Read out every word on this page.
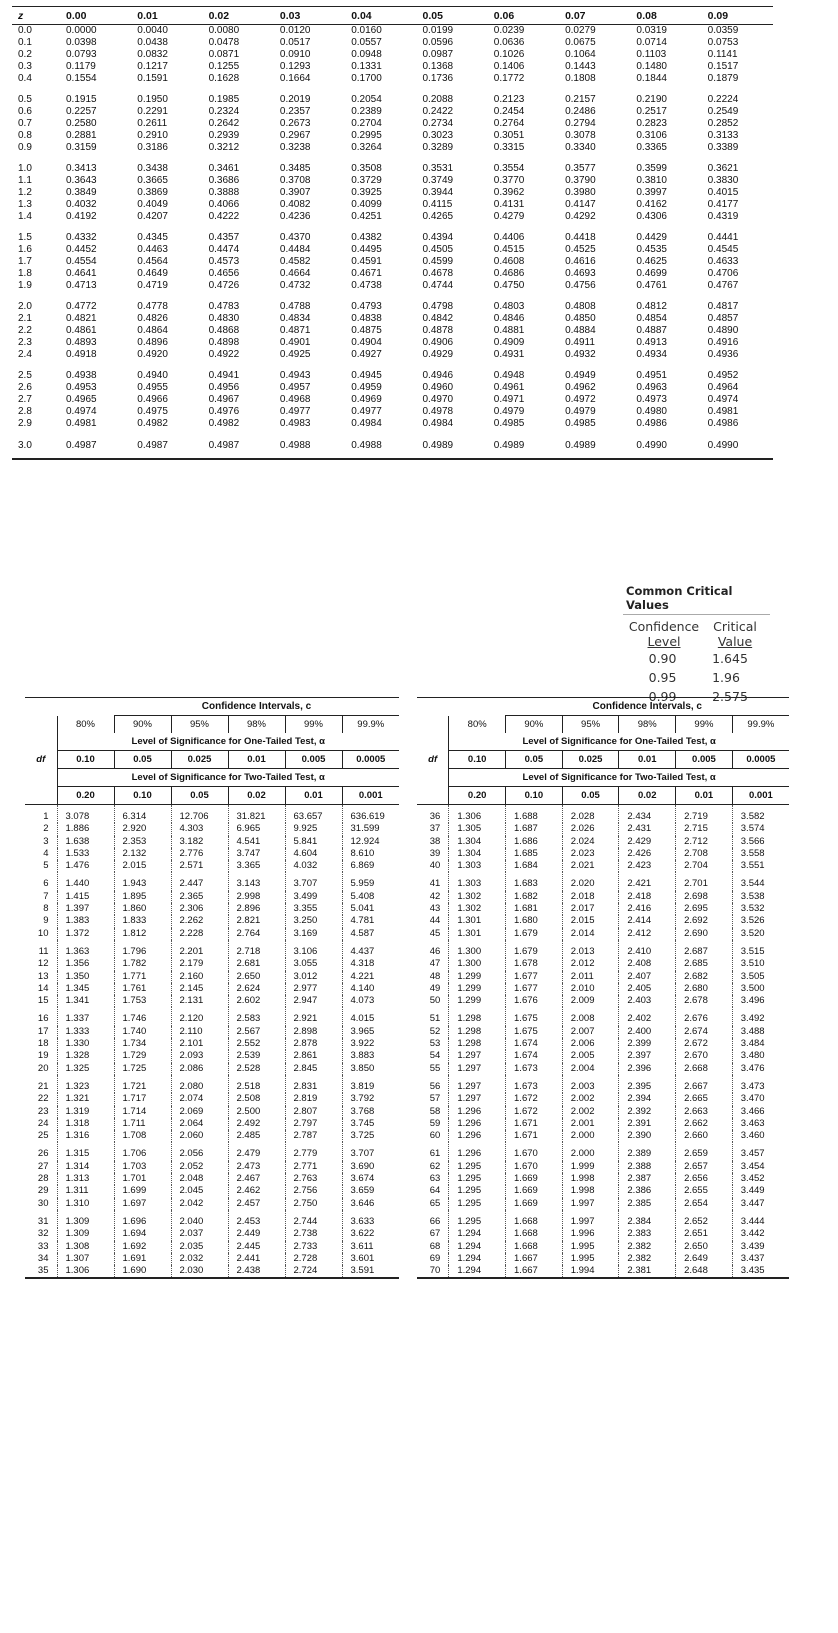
z	0.00	0.01	0.02	0.03	0.04	0.05	0.06	0.07	0.08	0.09
0.0	0.0000	0.0040	0.0080	0.0120	0.0160	0.0199	0.0239	0.0279	0.0319	0.0359
0.1	0.0398	0.0438	0.0478	0.0517	0.0557	0.0596	0.0636	0.0675	0.0714	0.0753
0.2	0.0793	0.0832	0.0871	0.0910	0.0948	0.0987	0.1026	0.1064	0.1103	0.1141
0.3	0.1179	0.1217	0.1255	0.1293	0.1331	0.1368	0.1406	0.1443	0.1480	0.1517
0.4	0.1554	0.1591	0.1628	0.1664	0.1700	0.1736	0.1772	0.1808	0.1844	0.1879
0.5	0.1915	0.1950	0.1985	0.2019	0.2054	0.2088	0.2123	0.2157	0.2190	0.2224
0.6	0.2257	0.2291	0.2324	0.2357	0.2389	0.2422	0.2454	0.2486	0.2517	0.2549
0.7	0.2580	0.2611	0.2642	0.2673	0.2704	0.2734	0.2764	0.2794	0.2823	0.2852
0.8	0.2881	0.2910	0.2939	0.2967	0.2995	0.3023	0.3051	0.3078	0.3106	0.3133
0.9	0.3159	0.3186	0.3212	0.3238	0.3264	0.3289	0.3315	0.3340	0.3365	0.3389
1.0	0.3413	0.3438	0.3461	0.3485	0.3508	0.3531	0.3554	0.3577	0.3599	0.3621
1.1	0.3643	0.3665	0.3686	0.3708	0.3729	0.3749	0.3770	0.3790	0.3810	0.3830
1.2	0.3849	0.3869	0.3888	0.3907	0.3925	0.3944	0.3962	0.3980	0.3997	0.4015
1.3	0.4032	0.4049	0.4066	0.4082	0.4099	0.4115	0.4131	0.4147	0.4162	0.4177
1.4	0.4192	0.4207	0.4222	0.4236	0.4251	0.4265	0.4279	0.4292	0.4306	0.4319
1.5	0.4332	0.4345	0.4357	0.4370	0.4382	0.4394	0.4406	0.4418	0.4429	0.4441
1.6	0.4452	0.4463	0.4474	0.4484	0.4495	0.4505	0.4515	0.4525	0.4535	0.4545
1.7	0.4554	0.4564	0.4573	0.4582	0.4591	0.4599	0.4608	0.4616	0.4625	0.4633
1.8	0.4641	0.4649	0.4656	0.4664	0.4671	0.4678	0.4686	0.4693	0.4699	0.4706
1.9	0.4713	0.4719	0.4726	0.4732	0.4738	0.4744	0.4750	0.4756	0.4761	0.4767
2.0	0.4772	0.4778	0.4783	0.4788	0.4793	0.4798	0.4803	0.4808	0.4812	0.4817
2.1	0.4821	0.4826	0.4830	0.4834	0.4838	0.4842	0.4846	0.4850	0.4854	0.4857
2.2	0.4861	0.4864	0.4868	0.4871	0.4875	0.4878	0.4881	0.4884	0.4887	0.4890
2.3	0.4893	0.4896	0.4898	0.4901	0.4904	0.4906	0.4909	0.4911	0.4913	0.4916
2.4	0.4918	0.4920	0.4922	0.4925	0.4927	0.4929	0.4931	0.4932	0.4934	0.4936
2.5	0.4938	0.4940	0.4941	0.4943	0.4945	0.4946	0.4948	0.4949	0.4951	0.4952
2.6	0.4953	0.4955	0.4956	0.4957	0.4959	0.4960	0.4961	0.4962	0.4963	0.4964
2.7	0.4965	0.4966	0.4967	0.4968	0.4969	0.4970	0.4971	0.4972	0.4973	0.4974
2.8	0.4974	0.4975	0.4976	0.4977	0.4977	0.4978	0.4979	0.4979	0.4980	0.4981
2.9	0.4981	0.4982	0.4982	0.4983	0.4984	0.4984	0.4985	0.4985	0.4986	0.4986
3.0	0.4987	0.4987	0.4987	0.4988	0.4988	0.4989	0.4989	0.4989	0.4990	0.4990
Common Critical Values
Confidence
Level
Critical
Value
0.90	1.645
0.95	1.96
0.99	2.575
		Confidence Intervals, c				
	80%	90%	95%	98%	99%	99.9%
	Level of Significance for One-Tailed Test, α					
df	0.10	0.05	0.025	0.01	0.005	0.0005
	Level of Significance for Two-Tailed Test, α					
	0.20	0.10	0.05	0.02	0.01	0.001
1	3.078	6.314	12.706	31.821	63.657	636.619
2	1.886	2.920	4.303	6.965	9.925	31.599
3	1.638	2.353	3.182	4.541	5.841	12.924
4	1.533	2.132	2.776	3.747	4.604	8.610
5	1.476	2.015	2.571	3.365	4.032	6.869
6	1.440	1.943	2.447	3.143	3.707	5.959
7	1.415	1.895	2.365	2.998	3.499	5.408
8	1.397	1.860	2.306	2.896	3.355	5.041
9	1.383	1.833	2.262	2.821	3.250	4.781
10	1.372	1.812	2.228	2.764	3.169	4.587
11	1.363	1.796	2.201	2.718	3.106	4.437
12	1.356	1.782	2.179	2.681	3.055	4.318
13	1.350	1.771	2.160	2.650	3.012	4.221
14	1.345	1.761	2.145	2.624	2.977	4.140
15	1.341	1.753	2.131	2.602	2.947	4.073
16	1.337	1.746	2.120	2.583	2.921	4.015
17	1.333	1.740	2.110	2.567	2.898	3.965
18	1.330	1.734	2.101	2.552	2.878	3.922
19	1.328	1.729	2.093	2.539	2.861	3.883
20	1.325	1.725	2.086	2.528	2.845	3.850
21	1.323	1.721	2.080	2.518	2.831	3.819
22	1.321	1.717	2.074	2.508	2.819	3.792
23	1.319	1.714	2.069	2.500	2.807	3.768
24	1.318	1.711	2.064	2.492	2.797	3.745
25	1.316	1.708	2.060	2.485	2.787	3.725
26	1.315	1.706	2.056	2.479	2.779	3.707
27	1.314	1.703	2.052	2.473	2.771	3.690
28	1.313	1.701	2.048	2.467	2.763	3.674
29	1.311	1.699	2.045	2.462	2.756	3.659
30	1.310	1.697	2.042	2.457	2.750	3.646
31	1.309	1.696	2.040	2.453	2.744	3.633
32	1.309	1.694	2.037	2.449	2.738	3.622
33	1.308	1.692	2.035	2.445	2.733	3.611
34	1.307	1.691	2.032	2.441	2.728	3.601
35	1.306	1.690	2.030	2.438	2.724	3.591
		Confidence Intervals, c				
	80%	90%	95%	98%	99%	99.9%
	Level of Significance for One-Tailed Test, α					
df	0.10	0.05	0.025	0.01	0.005	0.0005
	Level of Significance for Two-Tailed Test, α					
	0.20	0.10	0.05	0.02	0.01	0.001
36	1.306	1.688	2.028	2.434	2.719	3.582
37	1.305	1.687	2.026	2.431	2.715	3.574
38	1.304	1.686	2.024	2.429	2.712	3.566
39	1.304	1.685	2.023	2.426	2.708	3.558
40	1.303	1.684	2.021	2.423	2.704	3.551
41	1.303	1.683	2.020	2.421	2.701	3.544
42	1.302	1.682	2.018	2.418	2.698	3.538
43	1.302	1.681	2.017	2.416	2.695	3.532
44	1.301	1.680	2.015	2.414	2.692	3.526
45	1.301	1.679	2.014	2.412	2.690	3.520
46	1.300	1.679	2.013	2.410	2.687	3.515
47	1.300	1.678	2.012	2.408	2.685	3.510
48	1.299	1.677	2.011	2.407	2.682	3.505
49	1.299	1.677	2.010	2.405	2.680	3.500
50	1.299	1.676	2.009	2.403	2.678	3.496
51	1.298	1.675	2.008	2.402	2.676	3.492
52	1.298	1.675	2.007	2.400	2.674	3.488
53	1.298	1.674	2.006	2.399	2.672	3.484
54	1.297	1.674	2.005	2.397	2.670	3.480
55	1.297	1.673	2.004	2.396	2.668	3.476
56	1.297	1.673	2.003	2.395	2.667	3.473
57	1.297	1.672	2.002	2.394	2.665	3.470
58	1.296	1.672	2.002	2.392	2.663	3.466
59	1.296	1.671	2.001	2.391	2.662	3.463
60	1.296	1.671	2.000	2.390	2.660	3.460
61	1.296	1.670	2.000	2.389	2.659	3.457
62	1.295	1.670	1.999	2.388	2.657	3.454
63	1.295	1.669	1.998	2.387	2.656	3.452
64	1.295	1.669	1.998	2.386	2.655	3.449
65	1.295	1.669	1.997	2.385	2.654	3.447
66	1.295	1.668	1.997	2.384	2.652	3.444
67	1.294	1.668	1.996	2.383	2.651	3.442
68	1.294	1.668	1.995	2.382	2.650	3.439
69	1.294	1.667	1.995	2.382	2.649	3.437
70	1.294	1.667	1.994	2.381	2.648	3.435
